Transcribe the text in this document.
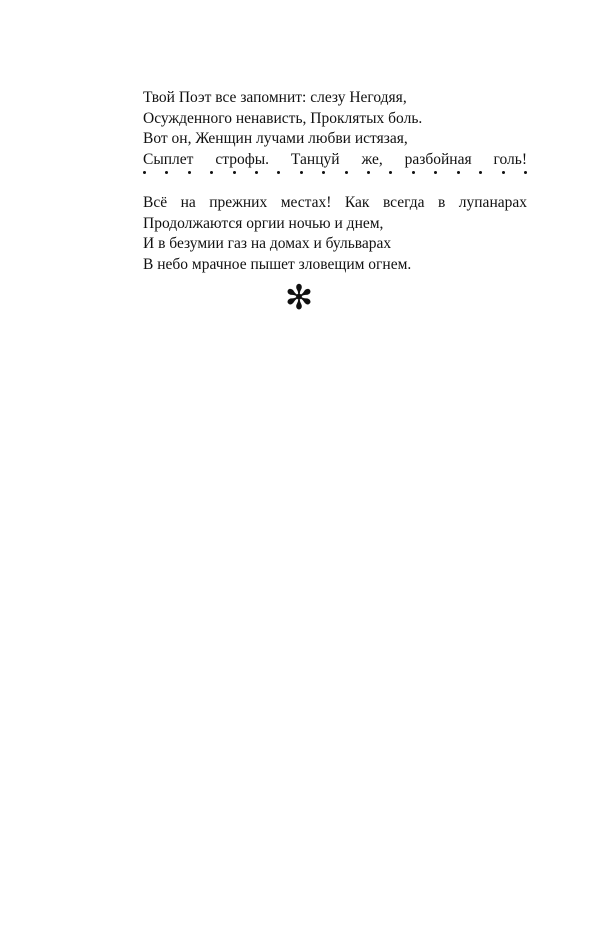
Твой Поэт все запомнит: слезу Негодяя,
Осужденного ненависть, Проклятых боль.
Вот он, Женщин лучами любви истязая,
Сыплет строфы. Танцуй же, разбойная голь!
Всё на прежних местах! Как всегда в лупанарах
Продолжаются оргии ночью и днем,
И в безумии газ на домах и бульварах
В небо мрачное пышет зловещим огнем.
✻
